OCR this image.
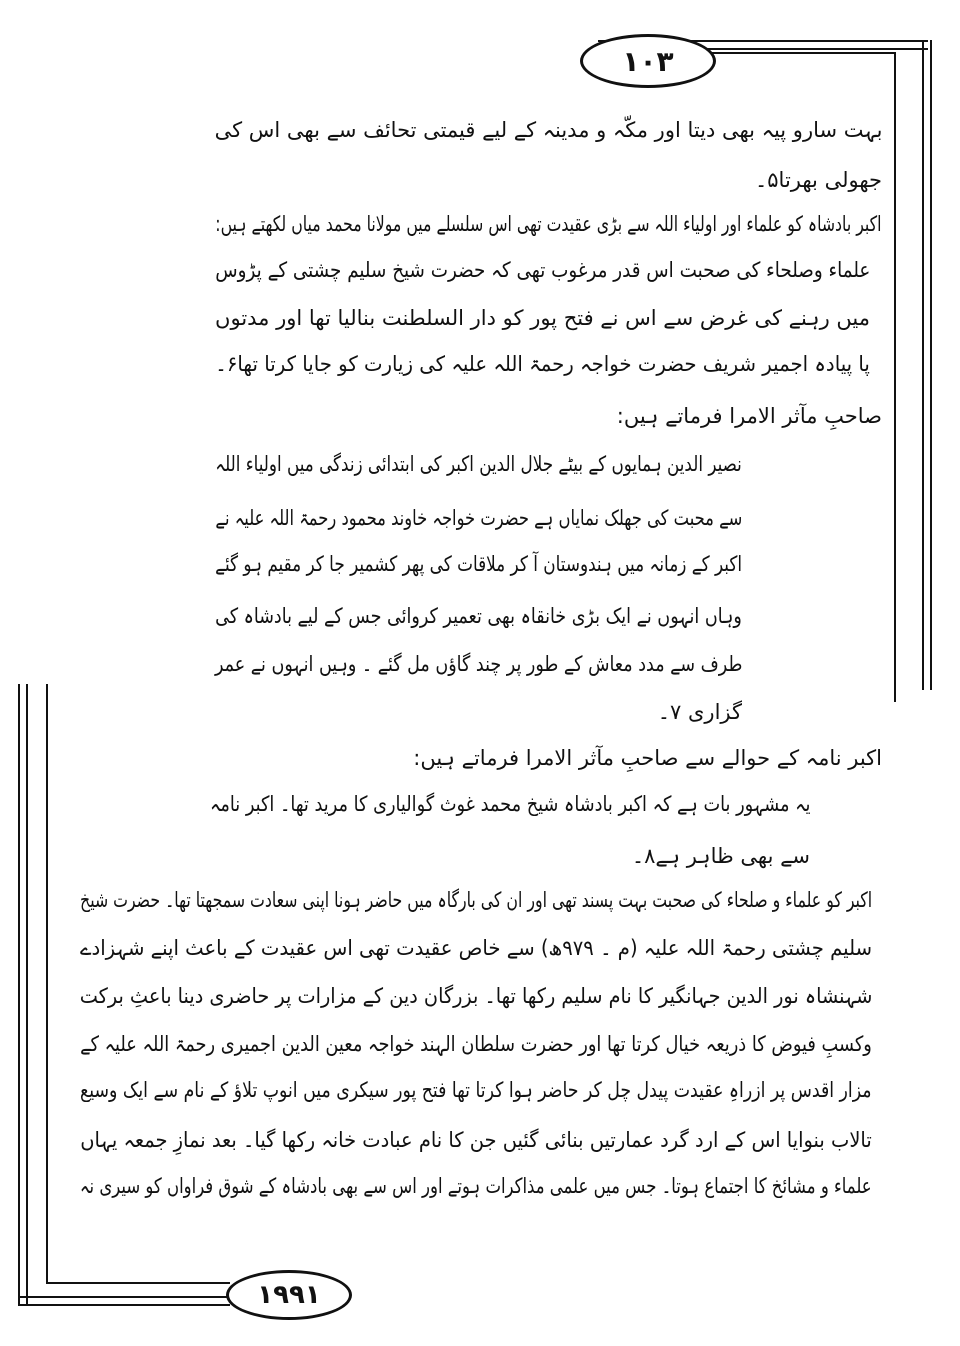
١٠٣
١٩٩١
بہت سارو پیہ بھی دیتا اور مکّہ و مدینہ کے لیے قیمتی تحائف سے بھی اس کی
جھولی بھرتا۵۔
اکبر بادشاہ کو علماء اور اولیاء اللہ سے بڑی عقیدت تھی اس سلسلے میں مولانا محمد میاں لکھتے ہیں:
علماء وصلحاء کی صحبت اس قدر مرغوب تھی کہ حضرت شیخ سلیم چشتی کے پڑوس
میں رہنے کی غرض سے اس نے فتح پور کو دار السلطنت بنالیا تھا اور مدتوں
پا پیادہ اجمیر شریف حضرت خواجہ رحمۃ اللہ علیہ کی زیارت کو جایا کرتا تھا۶۔
صاحبِ مآثر الامرا فرماتے ہیں:
نصیر الدین ہمایوں کے بیٹے جلال الدین اکبر کی ابتدائی زندگی میں اولیاء اللہ
سے محبت کی جھلک نمایاں ہے حضرت خواجہ خاوند محمود رحمۃ اللہ علیہ نے
اکبر کے زمانہ میں ہندوستان آ کر ملاقات کی پھر کشمیر جا کر مقیم ہو گئے
وہاں انہوں نے ایک بڑی خانقاہ بھی تعمیر کروائی جس کے لیے بادشاہ کی
طرف سے مدد معاش کے طور پر چند گاؤں مل گئے ۔ وہیں انہوں نے عمر
گزاری ۷۔
اکبر نامہ کے حوالے سے صاحبِ مآثر الامرا فرماتے ہیں:
یہ مشہور بات ہے کہ اکبر بادشاہ شیخ محمد غوث گوالیاری کا مرید تھا۔ اکبر نامہ
سے بھی ظاہر ہے۸۔
اکبر کو علماء و صلحاء کی صحبت بہت پسند تھی اور ان کی بارگاہ میں حاضر ہونا اپنی سعادت سمجھتا تھا۔ حضرت شیخ
سلیم چشتی رحمۃ اللہ علیہ (م ۔ ۹۷۹ھ) سے خاص عقیدت تھی اس عقیدت کے باعث اپنے شہزادے
شہنشاہ نور الدین جہانگیر کا نام سلیم رکھا تھا۔ بزرگان دین کے مزارات پر حاضری دینا باعثِ برکت
وکسبِ فیوض کا ذریعہ خیال کرتا تھا اور حضرت سلطان الہند خواجہ معین الدین اجمیری رحمۃ اللہ علیہ کے
مزار اقدس پر ازراہِ عقیدت پیدل چل کر حاضر ہوا کرتا تھا فتح پور سیکری میں انوپ تلاؤ کے نام سے ایک وسیع
تالاب بنوایا اس کے ارد گرد عمارتیں بنائی گئیں جن کا نام عبادت خانہ رکھا گیا۔ بعد نمازِ جمعہ یہاں
علماء و مشائخ کا اجتماع ہوتا۔ جس میں علمی مذاکرات ہوتے اور اس سے بھی بادشاہ کے شوق فراواں کو سیری نہ
